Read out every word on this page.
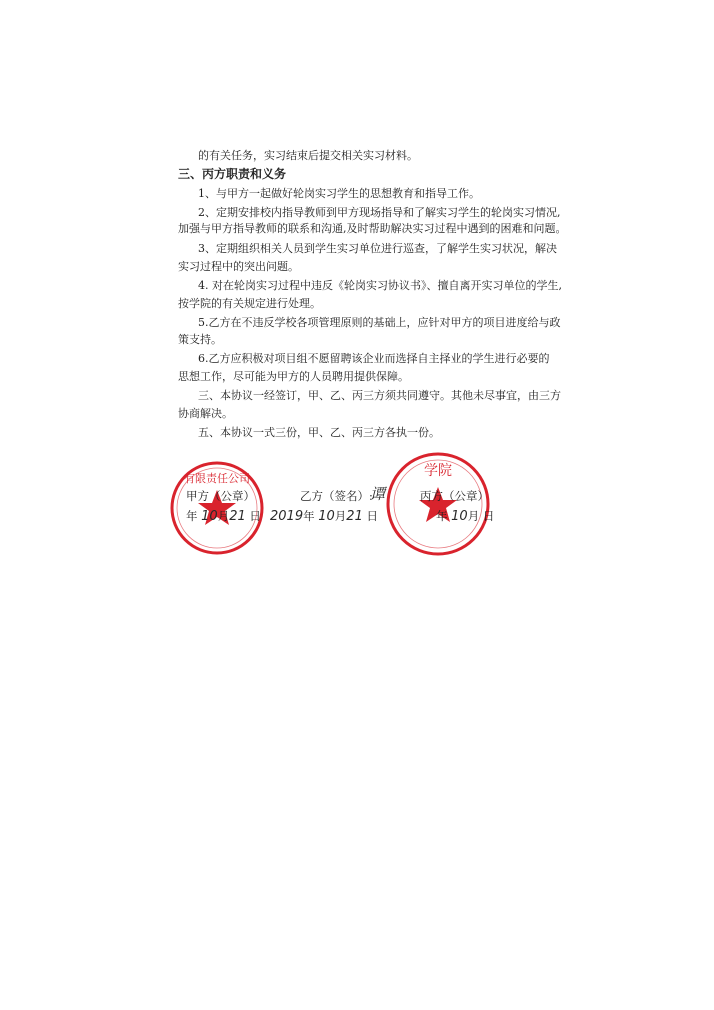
的有关任务，实习结束后提交相关实习材料。
三、丙方职责和义务
1、与甲方一起做好轮岗实习学生的思想教育和指导工作。
2、定期安排校内指导教师到甲方现场指导和了解实习学生的轮岗实习情况,
加强与甲方指导教师的联系和沟通,及时帮助解决实习过程中遇到的困难和问题。
3、定期组织相关人员到学生实习单位进行巡查，了解学生实习状况，解决
实习过程中的突出问题。
4. 对在轮岗实习过程中违反《轮岗实习协议书》、擅自离开实习单位的学生,
按学院的有关规定进行处理。
5.乙方在不违反学校各项管理原则的基础上，应针对甲方的项目进度给与政
策支持。
6.乙方应积极对项目组不愿留聘该企业而选择自主择业的学生进行必要的
思想工作，尽可能为甲方的人员聘用提供保障。
三、本协议一经签订，甲、乙、丙三方须共同遵守。其他未尽事宜，由三方
协商解决。
五、本协议一式三份，甲、乙、丙三方各执一份。
有限责任公司	学院
甲方（公章）	乙方（签名）:
谭	丙方（公章）
年 10月21 日 2019年 10月21 日	年 10月 日
